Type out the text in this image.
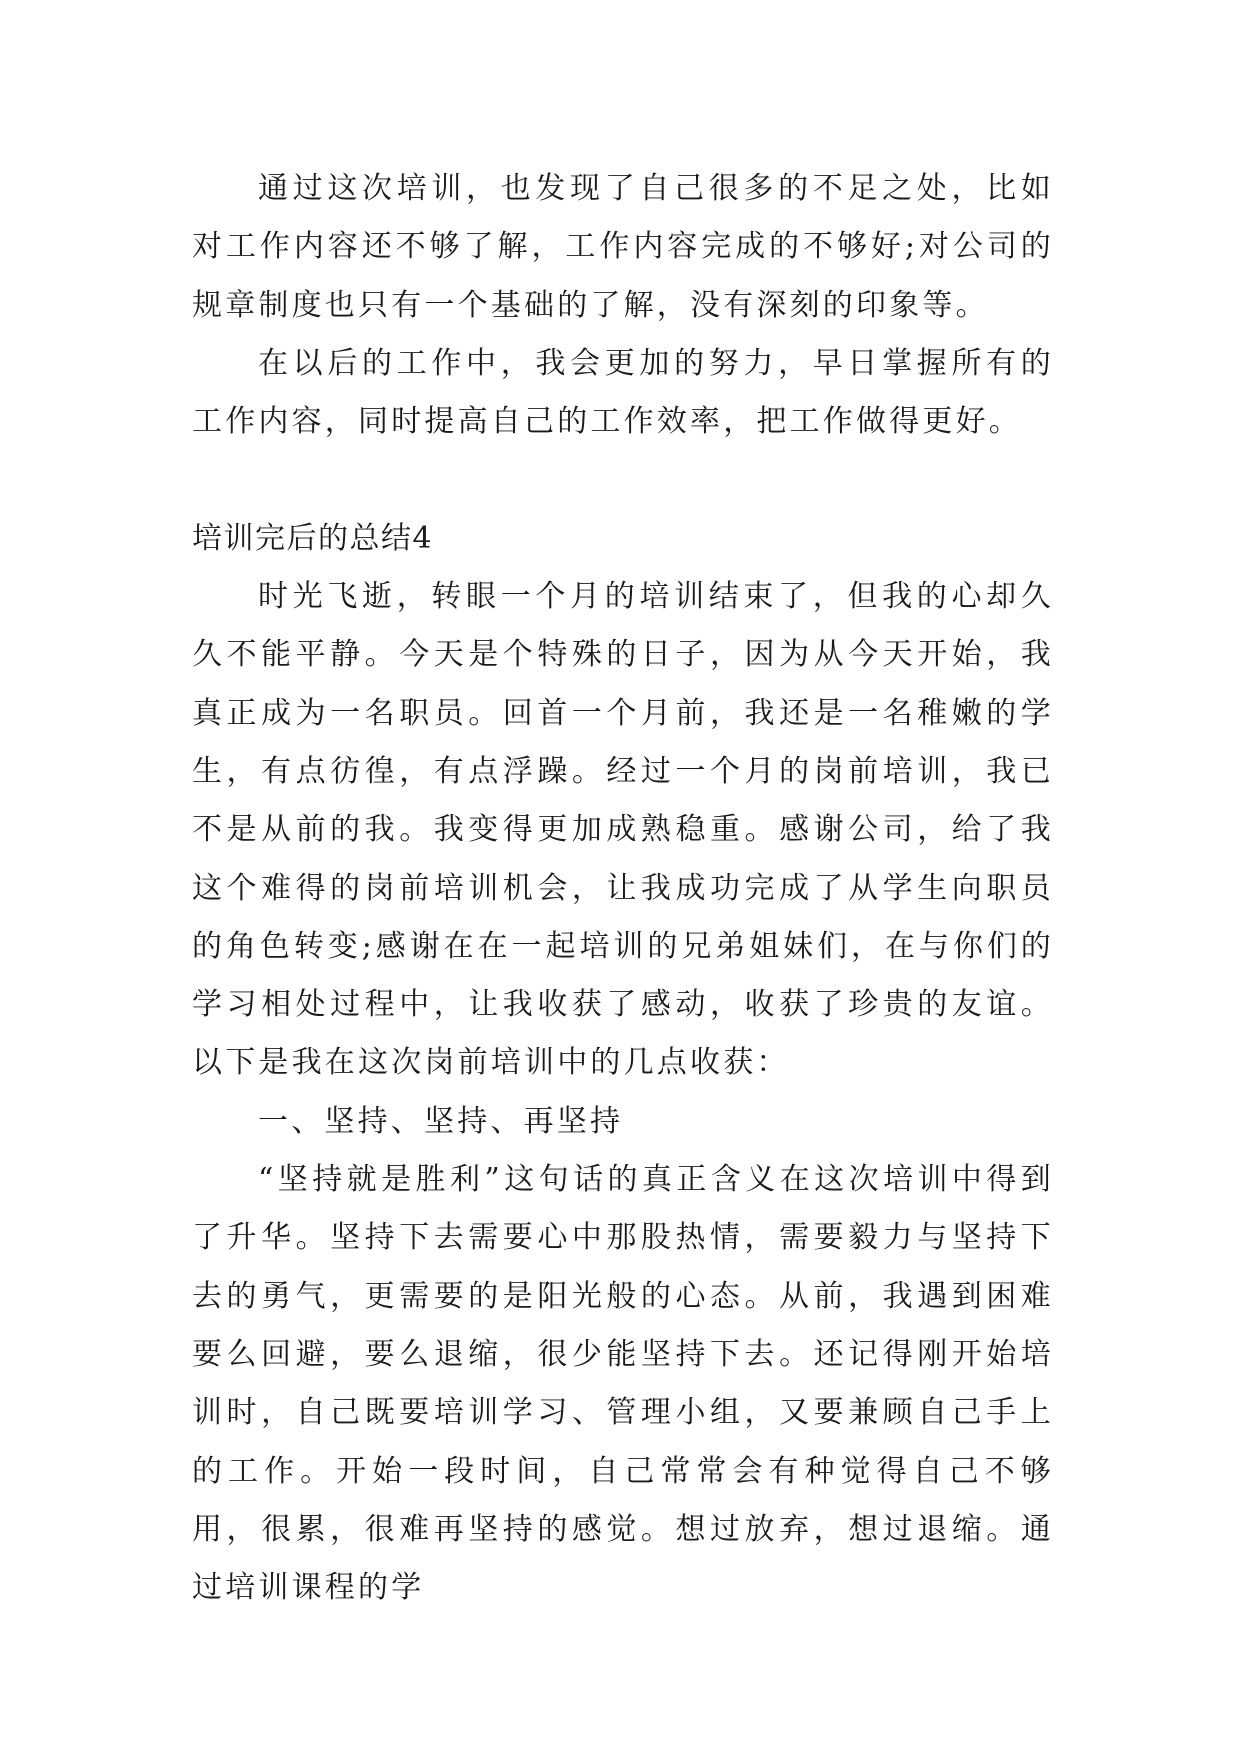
通过这次培训，也发现了自己很多的不足之处，比如对工作内容还不够了解，工作内容完成的不够好;对公司的规章制度也只有一个基础的了解，没有深刻的印象等。

在以后的工作中，我会更加的努力，早日掌握所有的工作内容，同时提高自己的工作效率，把工作做得更好。

培训完后的总结4

时光飞逝，转眼一个月的培训结束了，但我的心却久久不能平静。今天是个特殊的日子，因为从今天开始，我真正成为一名职员。回首一个月前，我还是一名稚嫩的学生，有点彷徨，有点浮躁。经过一个月的岗前培训，我已不是从前的我。我变得更加成熟稳重。感谢公司，给了我这个难得的岗前培训机会，让我成功完成了从学生向职员的角色转变;感谢在在一起培训的兄弟姐妹们，在与你们的学习相处过程中，让我收获了感动，收获了珍贵的友谊。以下是我在这次岗前培训中的几点收获：

一、坚持、坚持、再坚持

“坚持就是胜利”这句话的真正含义在这次培训中得到了升华。坚持下去需要心中那股热情，需要毅力与坚持下去的勇气，更需要的是阳光般的心态。从前，我遇到困难要么回避，要么退缩，很少能坚持下去。还记得刚开始培训时，自己既要培训学习、管理小组，又要兼顾自己手上的工作。开始一段时间，自己常常会有种觉得自己不够用，很累，很难再坚持的感觉。想过放弃，想过退缩。通过培训课程的学
